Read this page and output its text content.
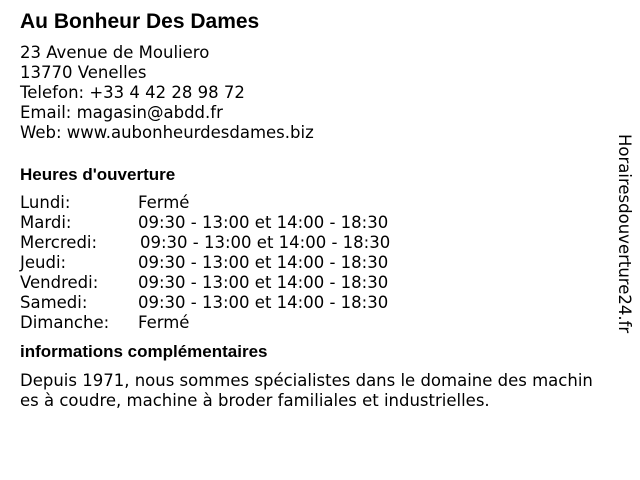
Au Bonheur Des Dames
23 Avenue de Mouliero
13770 Venelles
Telefon: +33 4 42 28 98 72
Email: magasin@abdd.fr
Web: www.aubonheurdesdames.biz
Heures d'ouverture
Lundi:	Fermé
Mardi:	09:30 - 13:00 et 14:00 - 18:30
Mercredi:	09:30 - 13:00 et 14:00 - 18:30
Jeudi:	09:30 - 13:00 et 14:00 - 18:30
Vendredi:	09:30 - 13:00 et 14:00 - 18:30
Samedi:	09:30 - 13:00 et 14:00 - 18:30
Dimanche:	Fermé
informations complémentaires
Depuis 1971, nous sommes spécialistes dans le domaine des machines à coudre, machine à broder familiales et industrielles.
Horairesdouverture24.fr
